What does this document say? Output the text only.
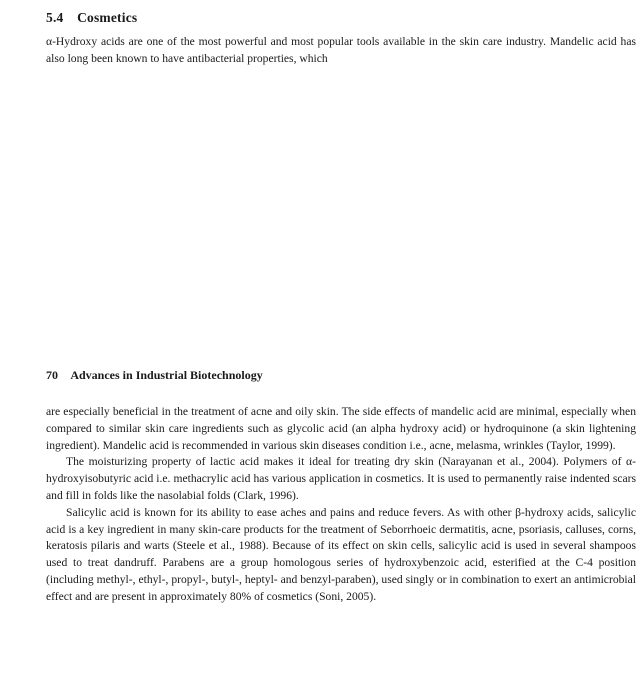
5.4 Cosmetics
α-Hydroxy acids are one of the most powerful and most popular tools available in the skin care industry. Mandelic acid has also long been known to have antibacterial properties, which
70 Advances in Industrial Biotechnology

are especially beneficial in the treatment of acne and oily skin. The side effects of mandelic acid are minimal, especially when compared to similar skin care ingredients such as glycolic acid (an alpha hydroxy acid) or hydroquinone (a skin lightening ingredient). Mandelic acid is recommended in various skin diseases condition i.e., acne, melasma, wrinkles (Taylor, 1999).

The moisturizing property of lactic acid makes it ideal for treating dry skin (Narayanan et al., 2004). Polymers of α-hydroxyisobutyric acid i.e. methacrylic acid has various application in cosmetics. It is used to permanently raise indented scars and fill in folds like the nasolabial folds (Clark, 1996).

Salicylic acid is known for its ability to ease aches and pains and reduce fevers. As with other β-hydroxy acids, salicylic acid is a key ingredient in many skin-care products for the treatment of Seborrhoeic dermatitis, acne, psoriasis, calluses, corns, keratosis pilaris and warts (Steele et al., 1988). Because of its effect on skin cells, salicylic acid is used in several shampoos used to treat dandruff. Parabens are a group homologous series of hydroxybenzoic acid, esterified at the C-4 position (including methyl-, ethyl-, propyl-, butyl-, heptyl- and benzyl-paraben), used singly or in combination to exert an antimicrobial effect and are present in approximately 80% of cosmetics (Soni, 2005).
